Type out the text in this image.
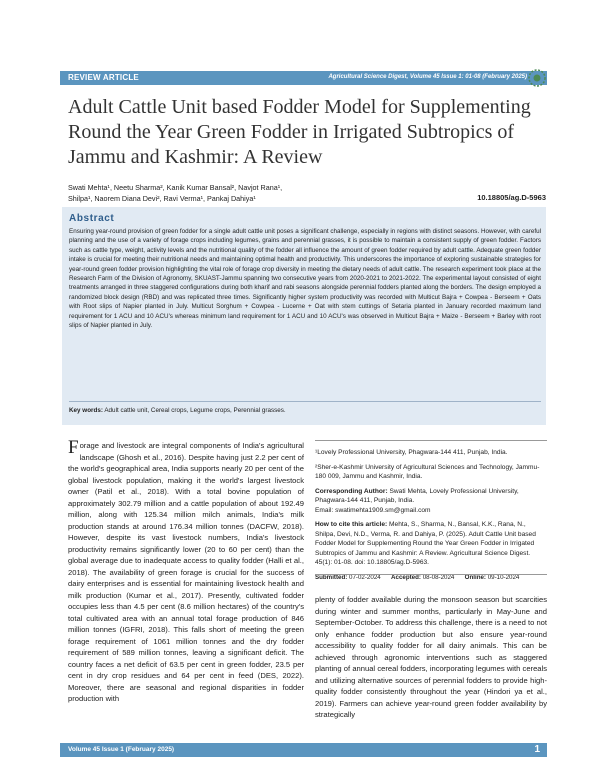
REVIEW ARTICLE	Agricultural Science Digest, Volume 45 Issue 1: 01-08 (February 2025)
Adult Cattle Unit based Fodder Model for Supplementing Round the Year Green Fodder in Irrigated Subtropics of Jammu and Kashmir: A Review
Swati Mehta¹, Neetu Sharma², Kanik Kumar Bansal², Navjot Rana¹,
Shilpa¹, Naorem Diana Devi², Ravi Verma¹, Pankaj Dahiya¹	10.18805/ag.D-5963
Abstract
Ensuring year-round provision of green fodder for a single adult cattle unit poses a significant challenge, especially in regions with distinct seasons. However, with careful planning and the use of a variety of forage crops including legumes, grains and perennial grasses, it is possible to maintain a consistent supply of green fodder. Factors such as cattle type, weight, activity levels and the nutritional quality of the fodder all influence the amount of green fodder required by adult cattle. Adequate green fodder intake is crucial for meeting their nutritional needs and maintaining optimal health and productivity. This underscores the importance of exploring sustainable strategies for year-round green fodder provision highlighting the vital role of forage crop diversity in meeting the dietary needs of adult cattle. The research experiment took place at the Research Farm of the Division of Agronomy, SKUAST-Jammu spanning two consecutive years from 2020-2021 to 2021-2022. The experimental layout consisted of eight treatments arranged in three staggered configurations during both kharif and rabi seasons alongside perennial fodders planted along the borders. The design employed a randomized block design (RBD) and was replicated three times. Significantly higher system productivity was recorded with Multicut Bajra + Cowpea - Berseem + Oats with Root slips of Napier planted in July. Multicut Sorghum + Cowpea - Lucerne + Oat with stem cuttings of Setaria planted in January recorded maximum land requirement for 1 ACU and 10 ACU's whereas minimum land requirement for 1 ACU and 10 ACU's was observed in Multicut Bajra + Maize - Berseem + Barley with root slips of Napier planted in July.
Key words: Adult cattle unit, Cereal crops, Legume crops, Perennial grasses.
Forage and livestock are integral components of India's agricultural landscape (Ghosh et al., 2016). Despite having just 2.2 per cent of the world's geographical area, India supports nearly 20 per cent of the global livestock population, making it the world's largest livestock owner (Patil et al., 2018). With a total bovine population of approximately 302.79 million and a cattle population of about 192.49 million, along with 125.34 million milch animals, India's milk production stands at around 176.34 million tonnes (DACFW, 2018). However, despite its vast livestock numbers, India's livestock productivity remains significantly lower (20 to 60 per cent) than the global average due to inadequate access to quality fodder (Halli et al., 2018). The availability of green forage is crucial for the success of dairy enterprises and is essential for maintaining livestock health and milk production (Kumar et al., 2017). Presently, cultivated fodder occupies less than 4.5 per cent (8.6 million hectares) of the country's total cultivated area with an annual total forage production of 846 million tonnes (IGFRI, 2018). This falls short of meeting the green forage requirement of 1061 million tonnes and the dry fodder requirement of 589 million tonnes, leaving a significant deficit. The country faces a net deficit of 63.5 per cent in green fodder, 23.5 per cent in dry crop residues and 64 per cent in feed (DES, 2022). Moreover, there are seasonal and regional disparities in fodder production with

¹Lovely Professional University, Phagwara-144 411, Punjab, India.

²Sher-e-Kashmir University of Agricultural Sciences and Technology, Jammu-180 009, Jammu and Kashmir, India.

Corresponding Author: Swati Mehta, Lovely Professional University, Phagwara-144 411, Punjab, India.
Email: swatimehta1909.sm@gmail.com

How to cite this article: Mehta, S., Sharma, N., Bansal, K.K., Rana, N., Shilpa, Devi, N.D., Verma, R. and Dahiya, P. (2025). Adult Cattle Unit based Fodder Model for Supplementing Round the Year Green Fodder in Irrigated Subtropics of Jammu and Kashmir: A Review. Agricultural Science Digest. 45(1): 01-08. doi: 10.18805/ag.D-5963.

Submitted: 07-02-2024 Accepted: 08-08-2024 Online: 09-10-2024

plenty of fodder available during the monsoon season but scarcities during winter and summer months, particularly in May-June and September-October. To address this challenge, there is a need to not only enhance fodder production but also ensure year-round accessibility to quality fodder for all dairy animals. This can be achieved through agronomic interventions such as staggered planting of annual cereal fodders, incorporating legumes with cereals and utilizing alternative sources of perennial fodders to provide high-quality fodder consistently throughout the year (Hindori ya et al., 2019). Farmers can achieve year-round green fodder availability by strategically
Volume 45 Issue 1 (February 2025)	1
